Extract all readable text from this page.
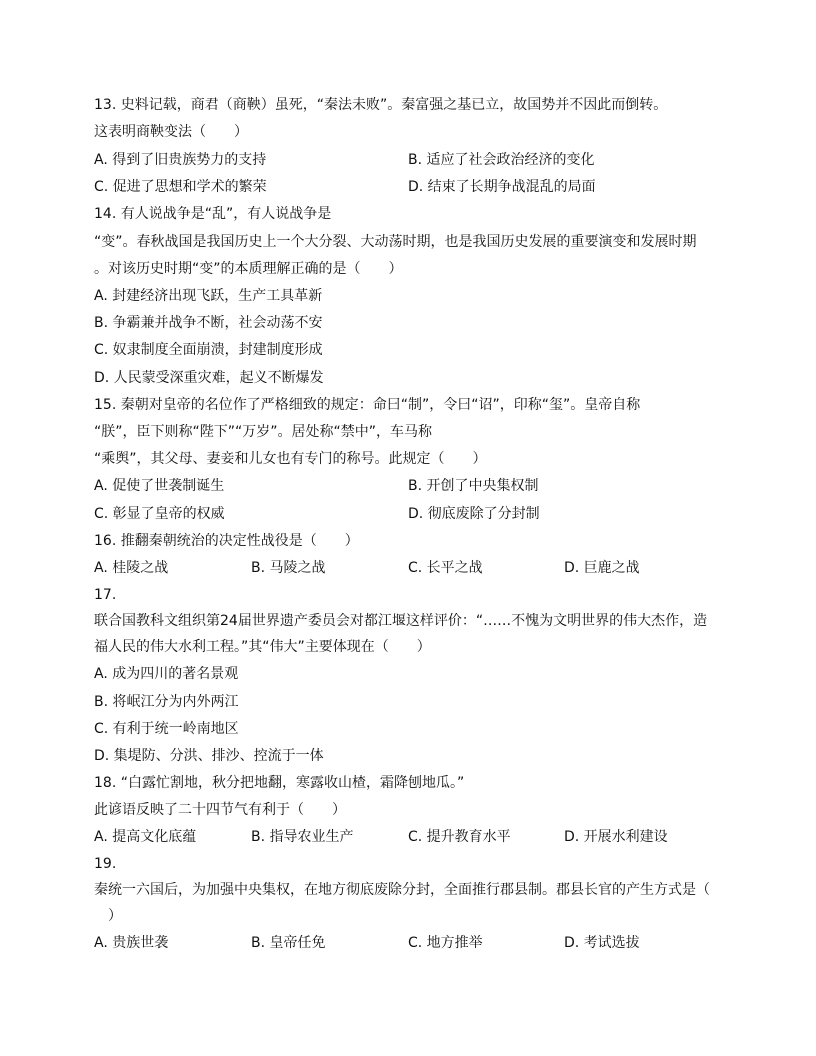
13. 史料记载，商君（商鞅）虽死，“秦法未败”。秦富强之基已立，故国势并不因此而倒转。
这表明商鞅变法（　　）
A. 得到了旧贵族势力的支持	B. 适应了社会政治经济的变化
C. 促进了思想和学术的繁荣	D. 结束了长期争战混乱的局面
14. 有人说战争是“乱”，有人说战争是
“变”。春秋战国是我国历史上一个大分裂、大动荡时期，也是我国历史发展的重要演变和发展时期
。对该历史时期“变”的本质理解正确的是（　　）
A. 封建经济出现飞跃，生产工具革新
B. 争霸兼并战争不断，社会动荡不安
C. 奴隶制度全面崩溃，封建制度形成
D. 人民蒙受深重灾难，起义不断爆发
15. 秦朝对皇帝的名位作了严格细致的规定：命曰“制”，令曰“诏”，印称“玺”。皇帝自称
“朕”，臣下则称“陛下”“万岁”。居处称“禁中”，车马称
“乘舆”，其父母、妻妾和儿女也有专门的称号。此规定（　　）
A. 促使了世袭制诞生	B. 开创了中央集权制
C. 彰显了皇帝的权威	D. 彻底废除了分封制
16. 推翻秦朝统治的决定性战役是（　　）
A. 桂陵之战	B. 马陵之战	C. 长平之战	D. 巨鹿之战
17.
联合国教科文组织第24届世界遗产委员会对都江堰这样评价：“……不愧为文明世界的伟大杰作，造
福人民的伟大水利工程。”其“伟大”主要体现在（　　）
A. 成为四川的著名景观
B. 将岷江分为内外两江
C. 有利于统一岭南地区
D. 集堤防、分洪、排沙、控流于一体
18. “白露忙割地，秋分把地翻，寒露收山楂，霜降刨地瓜。”
此谚语反映了二十四节气有利于（　　）
A. 提高文化底蕴	B. 指导农业生产	C. 提升教育水平	D. 开展水利建设
19.
秦统一六国后，为加强中央集权，在地方彻底废除分封，全面推行郡县制。郡县长官的产生方式是（
　）
A. 贵族世袭	B. 皇帝任免	C. 地方推举	D. 考试选拔
